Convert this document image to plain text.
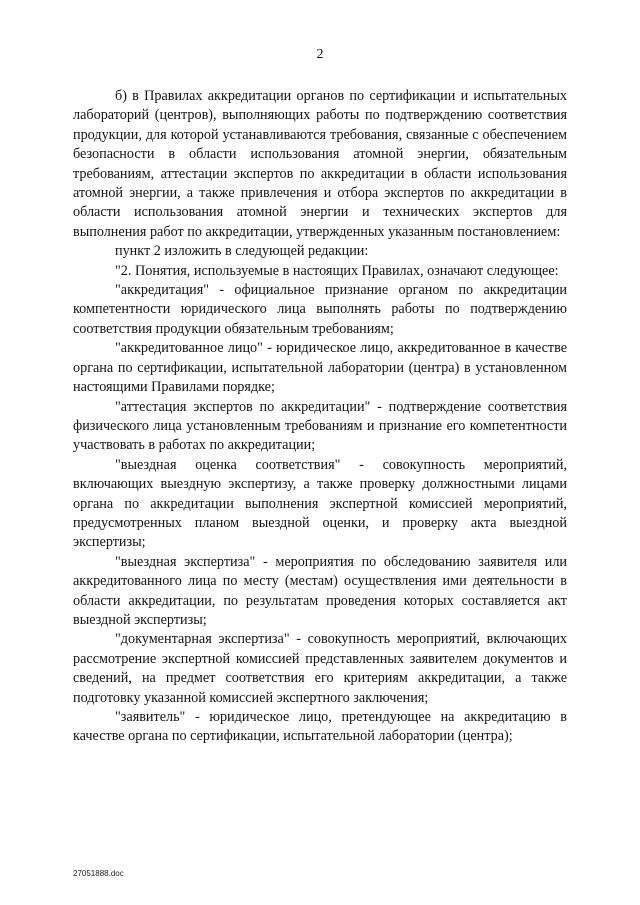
2

б) в Правилах аккредитации органов по сертификации и испытательных лабораторий (центров), выполняющих работы по подтверждению соответствия продукции, для которой устанавливаются требования, связанные с обеспечением безопасности в области использования атомной энергии, обязательным требованиям, аттестации экспертов по аккредитации в области использования атомной энергии, а также привлечения и отбора экспертов по аккредитации в области использования атомной энергии и технических экспертов для выполнения работ по аккредитации, утвержденных указанным постановлением:

пункт 2 изложить в следующей редакции:

"2. Понятия, используемые в настоящих Правилах, означают следующее:

"аккредитация" - официальное признание органом по аккредитации компетентности юридического лица выполнять работы по подтверждению соответствия продукции обязательным требованиям;

"аккредитованное лицо" - юридическое лицо, аккредитованное в качестве органа по сертификации, испытательной лаборатории (центра) в установленном настоящими Правилами порядке;

"аттестация экспертов по аккредитации" - подтверждение соответствия физического лица установленным требованиям и признание его компетентности участвовать в работах по аккредитации;

"выездная оценка соответствия" - совокупность мероприятий, включающих выездную экспертизу, а также проверку должностными лицами органа по аккредитации выполнения экспертной комиссией мероприятий, предусмотренных планом выездной оценки, и проверку акта выездной экспертизы;

"выездная экспертиза" - мероприятия по обследованию заявителя или аккредитованного лица по месту (местам) осуществления ими деятельности в области аккредитации, по результатам проведения которых составляется акт выездной экспертизы;

"документарная экспертиза" - совокупность мероприятий, включающих рассмотрение экспертной комиссией представленных заявителем документов и сведений, на предмет соответствия его критериям аккредитации, а также подготовку указанной комиссией экспертного заключения;

"заявитель" - юридическое лицо, претендующее на аккредитацию в качестве органа по сертификации, испытательной лаборатории (центра);

27051888.doc
